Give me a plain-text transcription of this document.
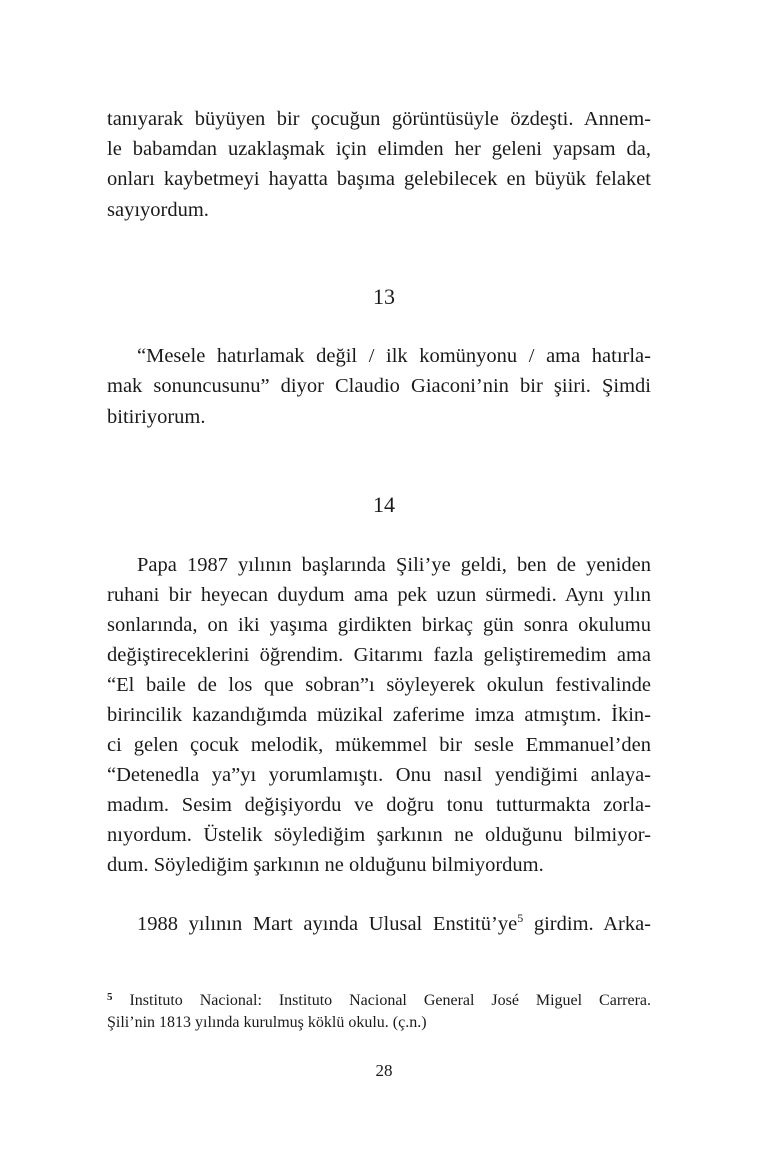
tanıyarak büyüyen bir çocuğun görüntüsüyle özdeşti. Annem-
le babamdan uzaklaşmak için elimden her geleni yapsam da,
onları kaybetmeyi hayatta başıma gelebilecek en büyük felaket
sayıyordum.
13
“Mesele hatırlamak değil / ilk komünyonu / ama hatırla-
mak sonuncusunu” diyor Claudio Giaconi’nin bir şiiri. Şimdi
bitiriyorum.
14
Papa 1987 yılının başlarında Şili’ye geldi, ben de yeniden
ruhani bir heyecan duydum ama pek uzun sürmedi. Aynı yılın
sonlarında, on iki yaşıma girdikten birkaç gün sonra okulumu
değiştireceklerini öğrendim. Gitarımı fazla geliştiremedim ama
“El baile de los que sobran”ı söyleyerek okulun festivalinde
birincilik kazandığımda müzikal zaferime imza atmıştım. İkin-
ci gelen çocuk melodik, mükemmel bir sesle Emmanuel’den
“Detenedla ya”yı yorumlamıştı. Onu nasıl yendiğimi anlaya-
madım. Sesim değişiyordu ve doğru tonu tutturmakta zorla-
nıyordum. Üstelik söylediğim şarkının ne olduğunu bilmiyor-
dum. Söylediğim şarkının ne olduğunu bilmiyordum.
1988 yılının Mart ayında Ulusal Enstitü’ye$^5$ girdim. Arka-
$^5$ Instituto Nacional: Instituto Nacional General José Miguel Carrera.
Şili’nin 1813 yılında kurulmuş köklü okulu. (ç.n.)
28
